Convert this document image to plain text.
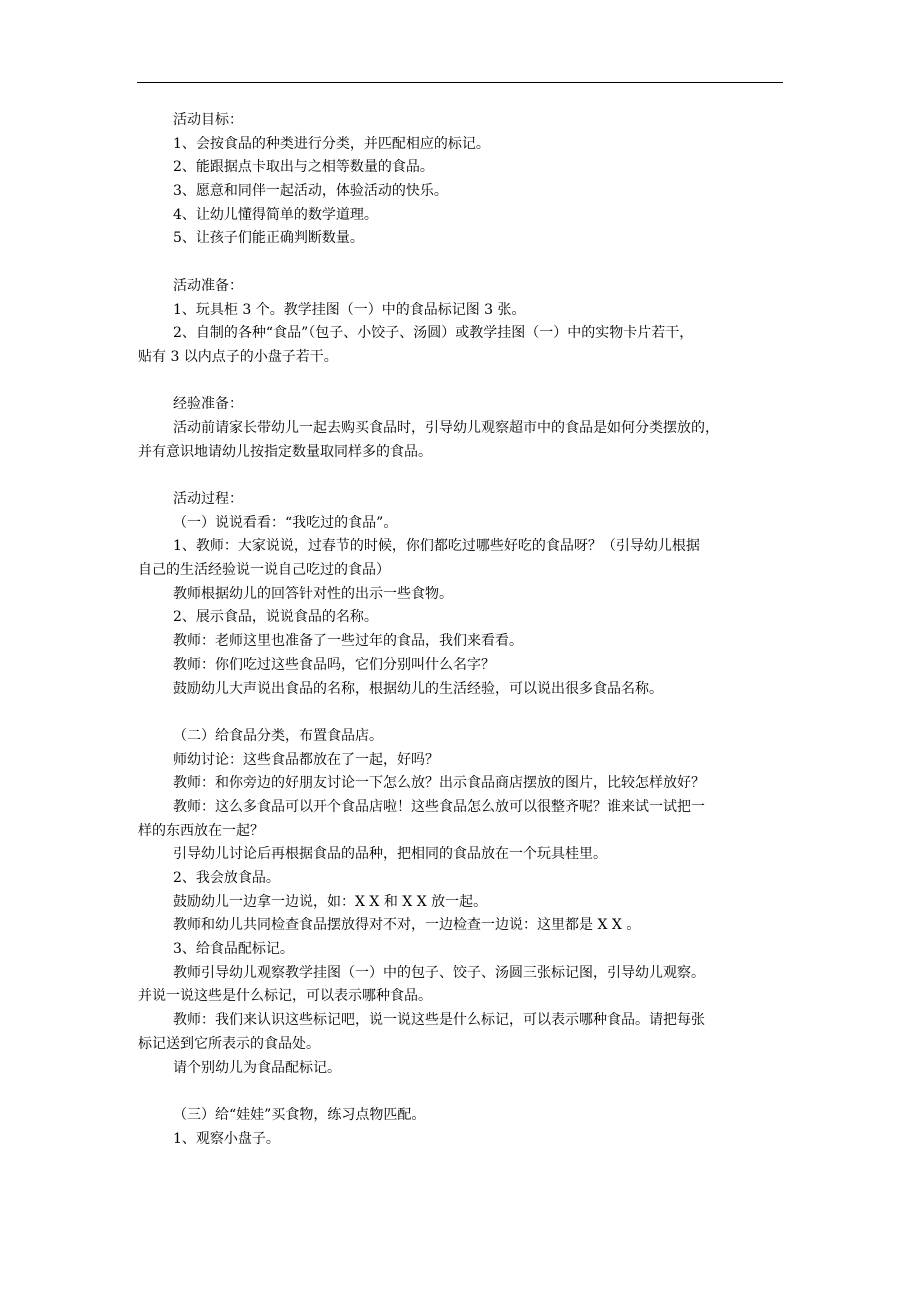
活动目标：
1、会按食品的种类进行分类，并匹配相应的标记。
2、能跟据点卡取出与之相等数量的食品。
3、愿意和同伴一起活动，体验活动的快乐。
4、让幼儿懂得简单的数学道理。
5、让孩子们能正确判断数量。
活动准备：
1、玩具柜 3 个。教学挂图（一）中的食品标记图 3 张。
2、自制的各种“食品”（包子、小饺子、汤圆）或教学挂图（一）中的实物卡片若干，
贴有 3 以内点子的小盘子若干。
经验准备：
活动前请家长带幼儿一起去购买食品时，引导幼儿观察超市中的食品是如何分类摆放的，
并有意识地请幼儿按指定数量取同样多的食品。
活动过程：
（一）说说看看：“我吃过的食品”。
1、教师：大家说说，过春节的时候，你们都吃过哪些好吃的食品呀？（引导幼儿根据
自己的生活经验说一说自己吃过的食品）
教师根据幼儿的回答针对性的出示一些食物。
2、展示食品，说说食品的名称。
教师：老师这里也准备了一些过年的食品，我们来看看。
教师：你们吃过这些食品吗，它们分别叫什么名字？
鼓励幼儿大声说出食品的名称，根据幼儿的生活经验，可以说出很多食品名称。
（二）给食品分类，布置食品店。
师幼讨论：这些食品都放在了一起，好吗？
教师：和你旁边的好朋友讨论一下怎么放？出示食品商店摆放的图片，比较怎样放好？
教师：这么多食品可以开个食品店啦！这些食品怎么放可以很整齐呢？谁来试一试把一
样的东西放在一起？
引导幼儿讨论后再根据食品的品种，把相同的食品放在一个玩具桂里。
2、我会放食品。
鼓励幼儿一边拿一边说，如：X X 和 X X 放一起。
教师和幼儿共同检查食品摆放得对不对，一边检查一边说：这里都是 X X 。
3、给食品配标记。
教师引导幼儿观察教学挂图（一）中的包子、饺子、汤圆三张标记图，引导幼儿观察。
并说一说这些是什么标记，可以表示哪种食品。
教师：我们来认识这些标记吧，说一说这些是什么标记，可以表示哪种食品。请把每张
标记送到它所表示的食品处。
请个别幼儿为食品配标记。
（三）给“娃娃”买食物，练习点物匹配。
1、观察小盘子。
